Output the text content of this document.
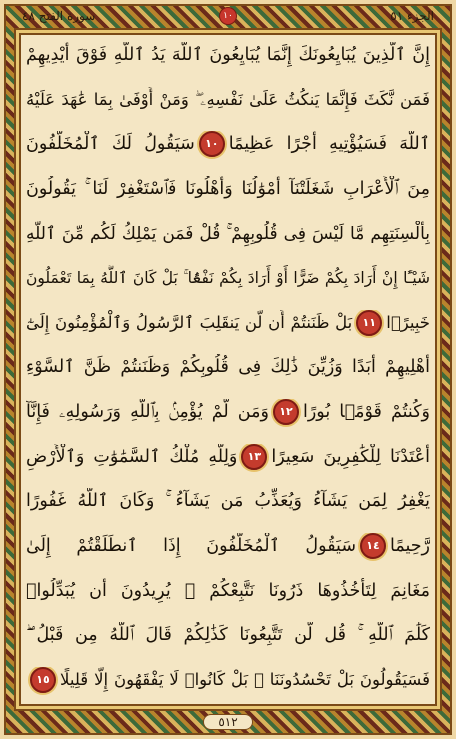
سورة الفتح ٤٨	١٠	الجزء ٥١
إِنَّ ٱلَّذِينَ يُبَايِعُونَكَ إِنَّمَا يُبَايِعُونَ ٱللَّهَ يَدُ ٱللَّهِ فَوْقَ أَيْدِيهِمْ
فَمَن نَّكَثَ فَإِنَّمَا يَنكُثُ عَلَىٰ نَفْسِهِۦ ۖ وَمَنْ أَوْفَىٰ بِمَا عَٰهَدَ عَلَيْهُ
ٱللَّهَ فَسَيُؤْتِيهِ أَجْرًا عَظِيمًا١٠سَيَقُولُ لَكَ ٱلْمُخَلَّفُونَ
مِنَ ٱلْأَعْرَابِ شَغَلَتْنَآ أَمْوَٰلُنَا وَأَهْلُونَا فَٱسْتَغْفِرْ لَنَا ۚ يَقُولُونَ
بِأَلْسِنَتِهِم مَّا لَيْسَ فِى قُلُوبِهِمْ ۚ قُلْ فَمَن يَمْلِكُ لَكُم مِّنَ ٱللَّهِ
شَيْـًٔا إِنْ أَرَادَ بِكُمْ ضَرًّا أَوْ أَرَادَ بِكُمْ نَفْعًۢا ۚ بَلْ كَانَ ٱللَّهُ بِمَا تَعْمَلُونَ
خَبِيرًۢا١١بَلْ ظَنَنتُمْ أَن لَّن يَنقَلِبَ ٱلرَّسُولُ وَٱلْمُؤْمِنُونَ إِلَىٰٓ
أَهْلِيهِمْ أَبَدًا وَزُيِّنَ ذَٰلِكَ فِى قُلُوبِكُمْ وَظَنَنتُمْ ظَنَّ ٱلسَّوْءِ
وَكُنتُمْ قَوْمًۢا بُورًا١٢وَمَن لَّمْ يُؤْمِنۢ بِٱللَّهِ وَرَسُولِهِۦ فَإِنَّآ
أَعْتَدْنَا لِلْكَٰفِرِينَ سَعِيرًا١٣وَلِلَّهِ مُلْكُ ٱلسَّمَٰوَٰتِ وَٱلْأَرْضِ
يَغْفِرُ لِمَن يَشَآءُ وَيُعَذِّبُ مَن يَشَآءُ ۚ وَكَانَ ٱللَّهُ غَفُورًا
رَّحِيمًا١٤سَيَقُولُ ٱلْمُخَلَّفُونَ إِذَا ٱنطَلَقْتُمْ إِلَىٰ
مَغَانِمَ لِتَأْخُذُوهَا ذَرُونَا نَتَّبِعْكُمْ ۖ يُرِيدُونَ أَن يُبَدِّلُوا۟
كَلَٰمَ ٱللَّهِ ۚ قُل لَّن تَتَّبِعُونَا كَذَٰلِكُمْ قَالَ ٱللَّهُ مِن قَبْلُ ۖ
فَسَيَقُولُونَ بَلْ تَحْسُدُونَنَا ۚ بَلْ كَانُوا۟ لَا يَفْقَهُونَ إِلَّا قَلِيلًا١٥
٥١٢
